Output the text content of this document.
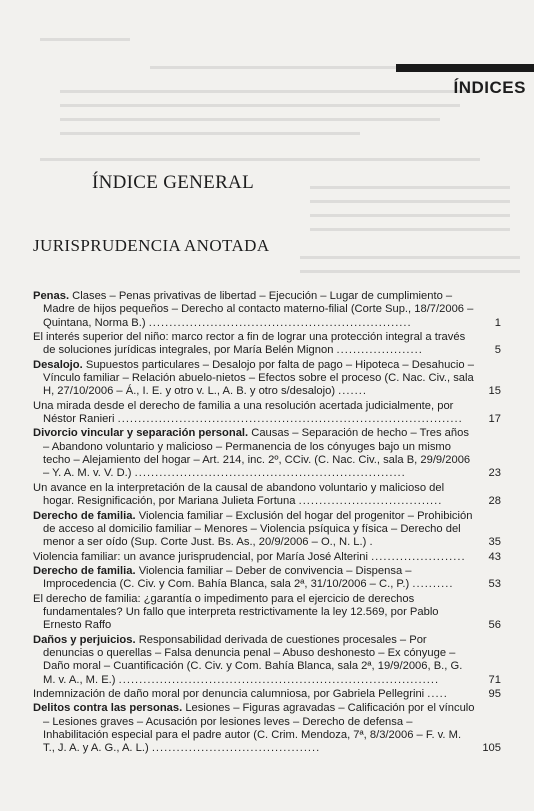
ÍNDICES
ÍNDICE GENERAL
JURISPRUDENCIA ANOTADA

Penas. Clases – Penas privativas de libertad – Ejecución – Lugar de cumplimiento – Madre de hijos pequeños – Derecho al contacto materno-filial (Corte Sup., 18/7/2006 – Quintana, Norma B.) ................................................................	1

El interés superior del niño: marco rector a fin de lograr una protección integral a través de soluciones jurídicas integrales, por María Belén Mignon .....................	5

Desalojo. Supuestos particulares – Desalojo por falta de pago – Hipoteca – Desahucio – Vínculo familiar – Relación abuelo-nietos – Efectos sobre el proceso (C. Nac. Civ., sala H, 27/10/2006 – Á., I. E. y otro v. L., A. B. y otro s/desalojo) .......	15

Una mirada desde el derecho de familia a una resolución acertada judicialmente, por Néstor Ranieri ....................................................................................	17

Divorcio vincular y separación personal. Causas – Separación de hecho – Tres años – Abandono voluntario y malicioso – Permanencia de los cónyuges bajo un mismo techo – Alejamiento del hogar – Art. 214, inc. 2º, CCiv. (C. Nac. Civ., sala B, 29/9/2006 – Y. A. M. v. V. D.) ..................................................................	23

Un avance en la interpretación de la causal de abandono voluntario y malicioso del hogar. Resignificación, por Mariana Julieta Fortuna ...................................	28

Derecho de familia. Violencia familiar – Exclusión del hogar del progenitor – Prohibición de acceso al domicilio familiar – Menores – Violencia psíquica y física – Derecho del menor a ser oído (Sup. Corte Just. Bs. As., 20/9/2006 – O., N. L.) .	35

Violencia familiar: un avance jurisprudencial, por María José Alterini .......................	43

Derecho de familia. Violencia familiar – Deber de convivencia – Dispensa – Improcedencia (C. Civ. y Com. Bahía Blanca, sala 2ª, 31/10/2006 – C., P.) ..........	53

El derecho de familia: ¿garantía o impedimento para el ejercicio de derechos fundamentales? Un fallo que interpreta restrictivamente la ley 12.569, por Pablo Ernesto Raffo	56

Daños y perjuicios. Responsabilidad derivada de cuestiones procesales – Por denuncias o querellas – Falsa denuncia penal – Abuso deshonesto – Ex cónyuge – Daño moral – Cuantificación (C. Civ. y Com. Bahía Blanca, sala 2ª, 19/9/2006, B., G. M. v. A., M. E.) ..............................................................................	71

Indemnización de daño moral por denuncia calumniosa, por Gabriela Pellegrini .....	95

Delitos contra las personas. Lesiones – Figuras agravadas – Calificación por el vínculo – Lesiones graves – Acusación por lesiones leves – Derecho de defensa – Inhabilitación especial para el padre autor (C. Crim. Mendoza, 7ª, 8/3/2006 – F. v. M. T., J. A. y A. G., A. L.) .........................................	105
